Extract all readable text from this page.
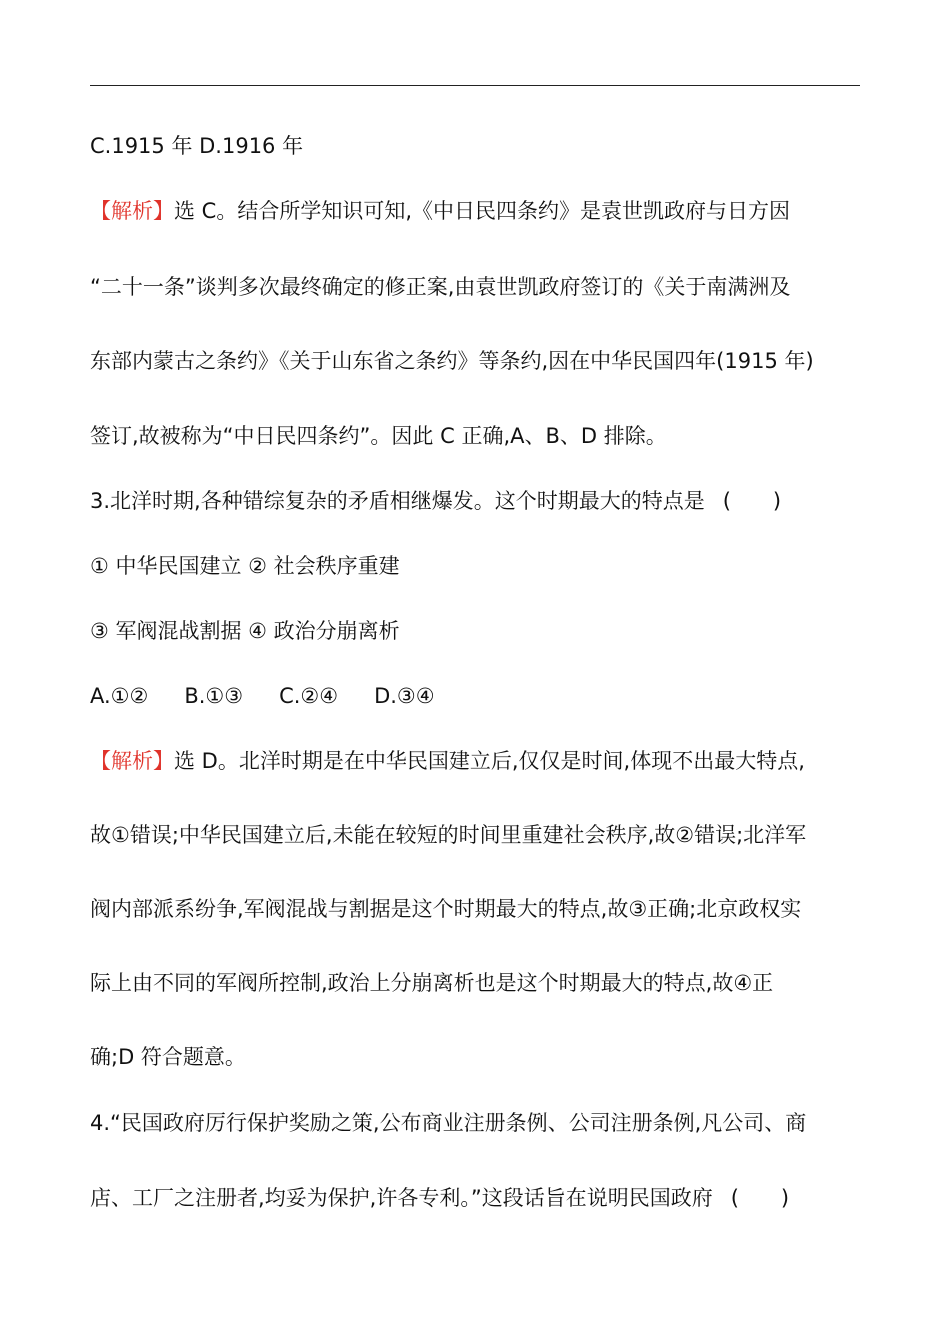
C.1915 年 D.1916 年
【解析】选 C。结合所学知识可知,《中日民四条约》是袁世凯政府与日方因
“二十一条”谈判多次最终确定的修正案,由袁世凯政府签订的《关于南满洲及
东部内蒙古之条约》《关于山东省之条约》等条约,因在中华民国四年(1915 年)
签订,故被称为“中日民四条约”。因此 C 正确,A、B、D 排除。
3.北洋时期,各种错综复杂的矛盾相继爆发。这个时期最大的特点是 (　　)
① 中华民国建立 ② 社会秩序重建
③ 军阀混战割据 ④ 政治分崩离析
A.①② B.①③ C.②④ D.③④
【解析】选 D。北洋时期是在中华民国建立后,仅仅是时间,体现不出最大特点,
故①错误;中华民国建立后,未能在较短的时间里重建社会秩序,故②错误;北洋军
阀内部派系纷争,军阀混战与割据是这个时期最大的特点,故③正确;北京政权实
际上由不同的军阀所控制,政治上分崩离析也是这个时期最大的特点,故④正
确;D 符合题意。
4.“民国政府厉行保护奖励之策,公布商业注册条例、公司注册条例,凡公司、商
店、工厂之注册者,均妥为保护,许各专利。”这段话旨在说明民国政府 (　　)
